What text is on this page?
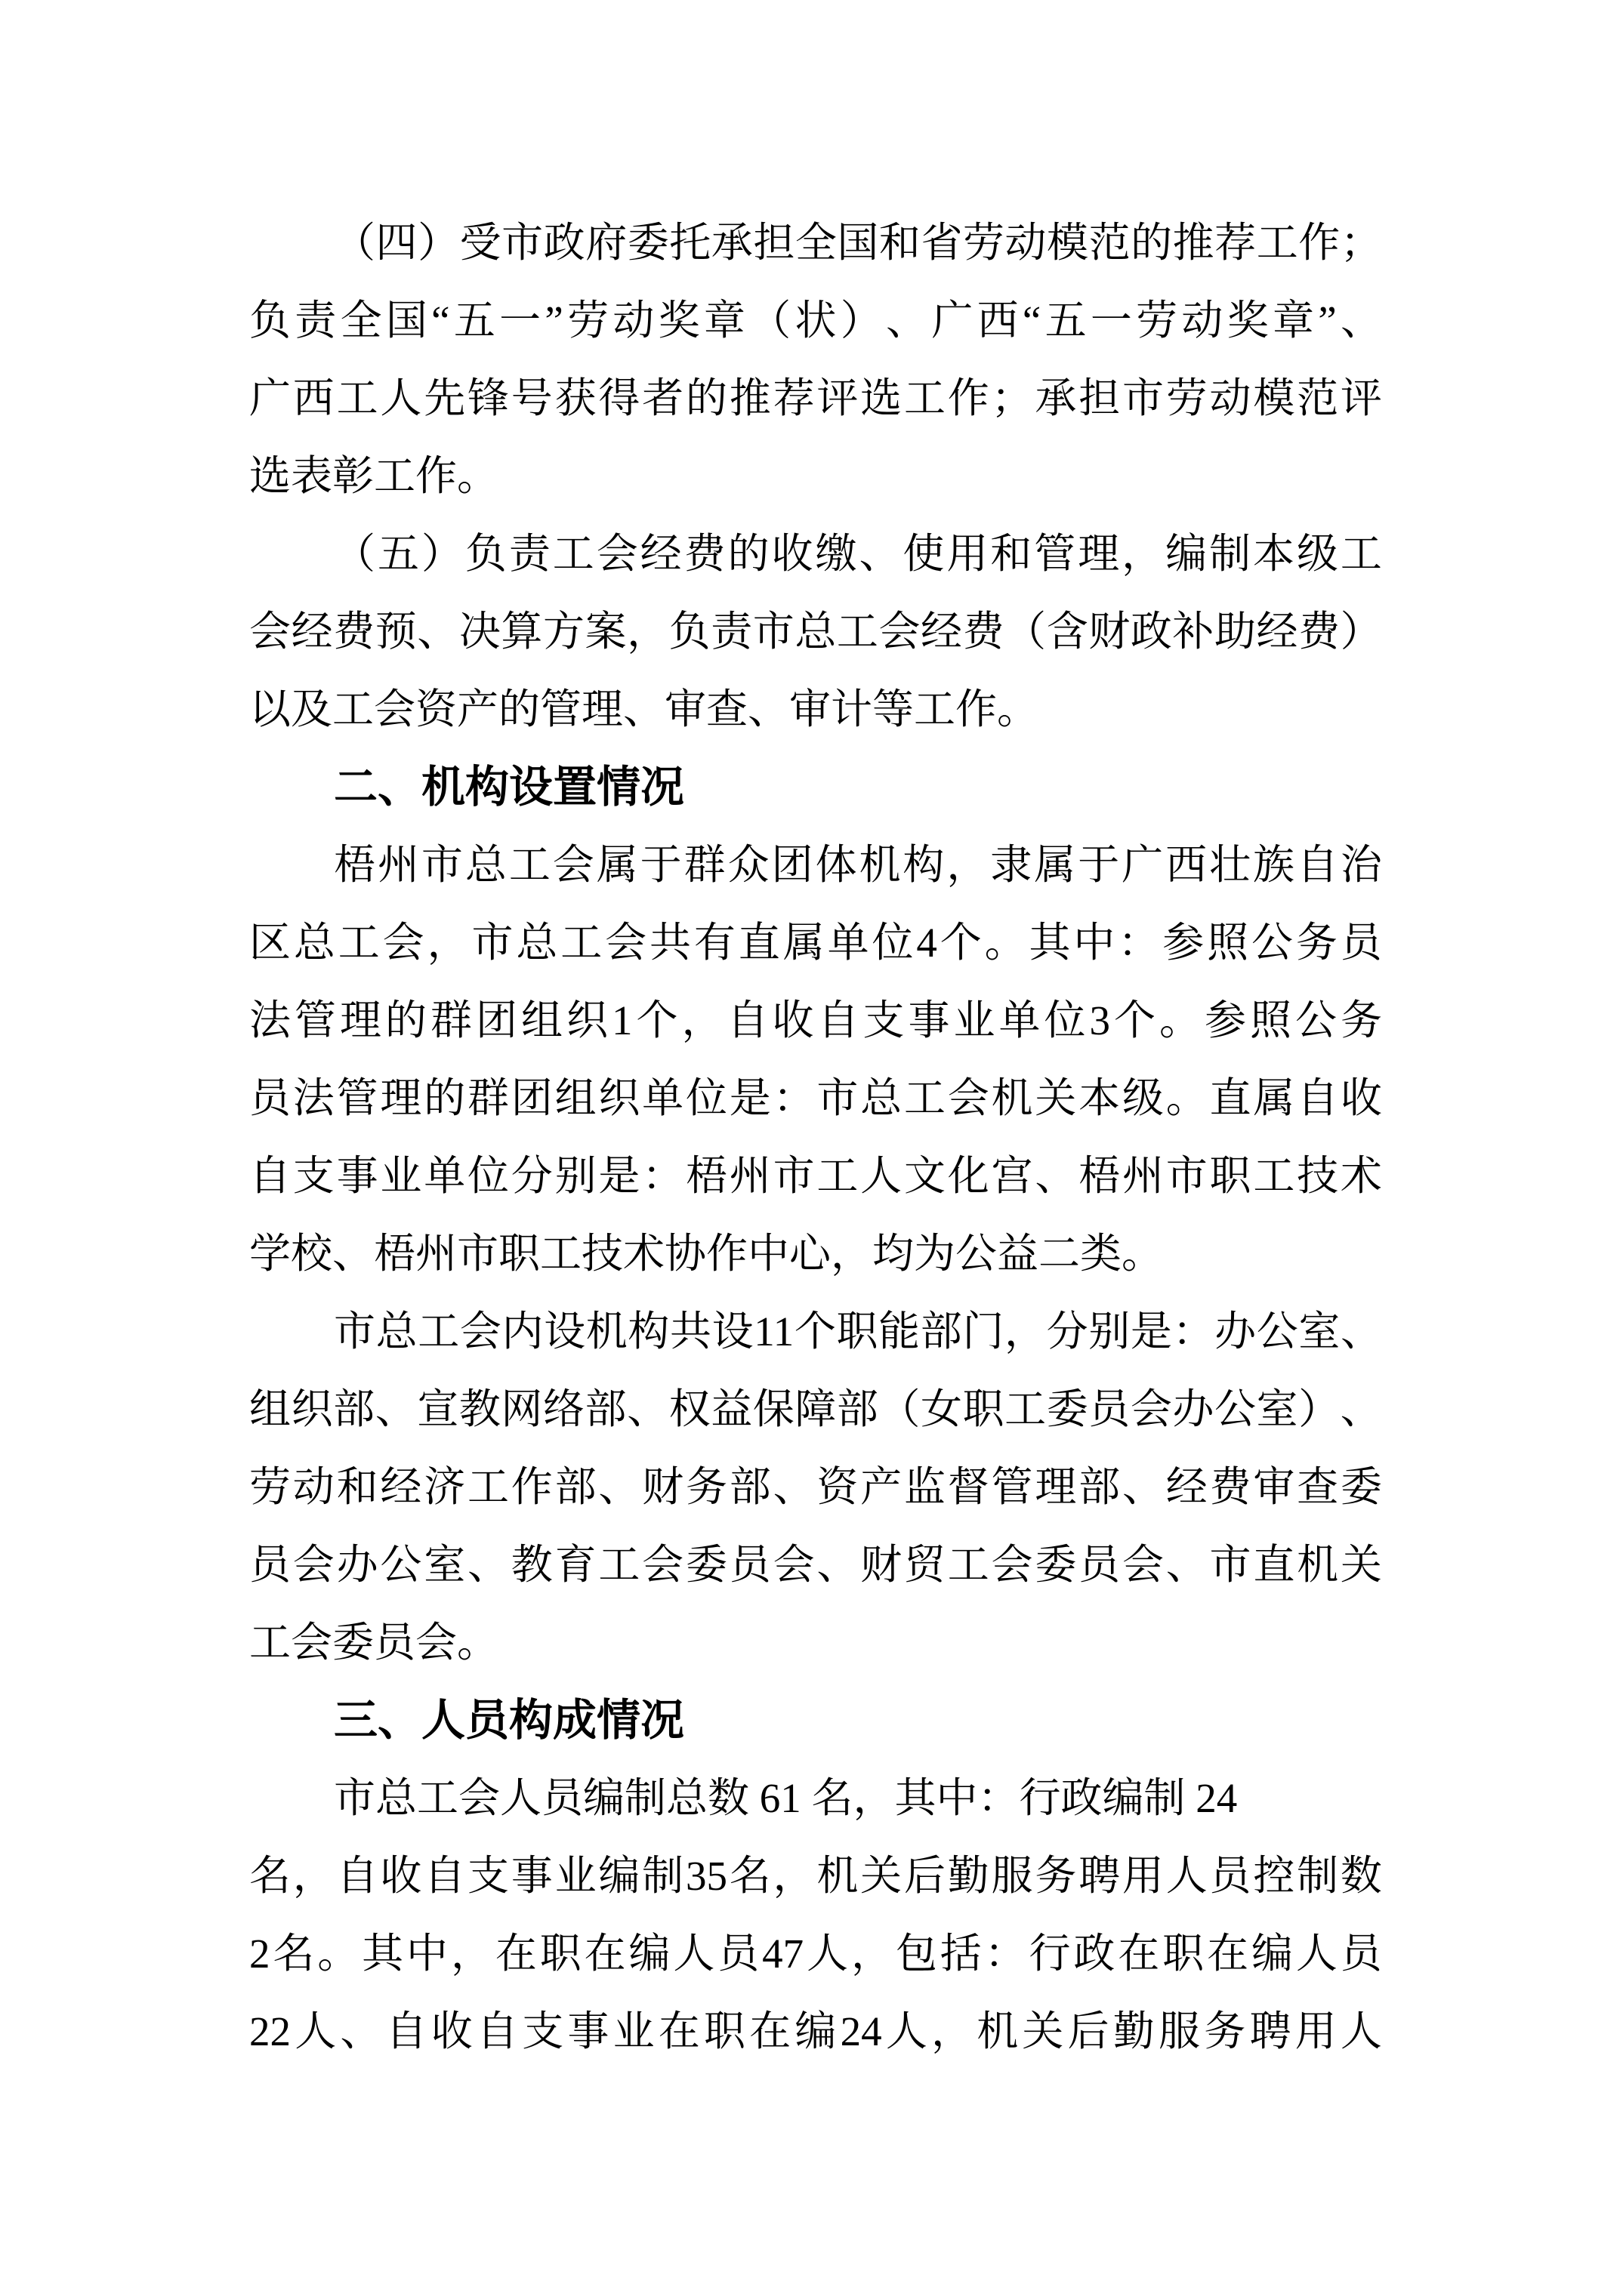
（ 四 ） 受 市 政 府 委 托 承 担 全 国 和 省 劳 动 模 范 的 推 荐 工 作 ；
负 责 全 国 “ 五 一 ” 劳 动 奖 章 （ 状 ） 、 广 西 “ 五 一 劳 动 奖 章 ” 、
广 西 工 人 先 锋 号 获 得 者 的 推 荐 评 选 工 作 ； 承 担 市 劳 动 模 范 评
选表彰工作。
（ 五 ） 负 责 工 会 经 费 的 收 缴 、 使 用 和 管 理 ， 编 制 本 级 工
会 经 费 预 、 决 算 方 案 ， 负 责 市 总 工 会 经 费 （ 含 财 政 补 助 经 费 ）
以及工会资产的管理、审查、审计等工作。
二、机构设置情况
梧 州 市 总 工 会 属 于 群 众 团 体 机 构 ， 隶 属 于 广 西 壮 族 自 治
区 总 工 会 ， 市 总 工 会 共 有 直 属 单 位 4 个 。 其 中 ： 参 照 公 务 员
法 管 理 的 群 团 组 织 1 个 ， 自 收 自 支 事 业 单 位 3 个 。 参 照 公 务
员 法 管 理 的 群 团 组 织 单 位 是 ： 市 总 工 会 机 关 本 级 。 直 属 自 收
自 支 事 业 单 位 分 别 是 ： 梧 州 市 工 人 文 化 宫 、 梧 州 市 职 工 技 术
学校、梧州市职工技术协作中心，均为公益二类。
市 总 工 会 内 设 机 构 共 设 11 个 职 能 部 门 ， 分 别 是 ： 办 公 室 、
组 织 部 、 宣 教 网 络 部 、 权 益 保 障 部 （ 女 职 工 委 员 会 办 公 室 ） 、
劳 动 和 经 济 工 作 部 、 财 务 部 、 资 产 监 督 管 理 部 、 经 费 审 查 委
员 会 办 公 室 、 教 育 工 会 委 员 会 、 财 贸 工 会 委 员 会 、 市 直 机 关
工会委员会。
三、人员构成情况
市总工会人员编制总数 61 名，其中：行政编制 24
名 ， 自 收 自 支 事 业 编 制 35 名 ， 机 关 后 勤 服 务 聘 用 人 员 控 制 数
2 名 。 其 中 ， 在 职 在 编 人 员 47 人 ， 包 括 ： 行 政 在 职 在 编 人 员
22 人 、 自 收 自 支 事 业 在 职 在 编 24 人 ， 机 关 后 勤 服 务 聘 用 人
